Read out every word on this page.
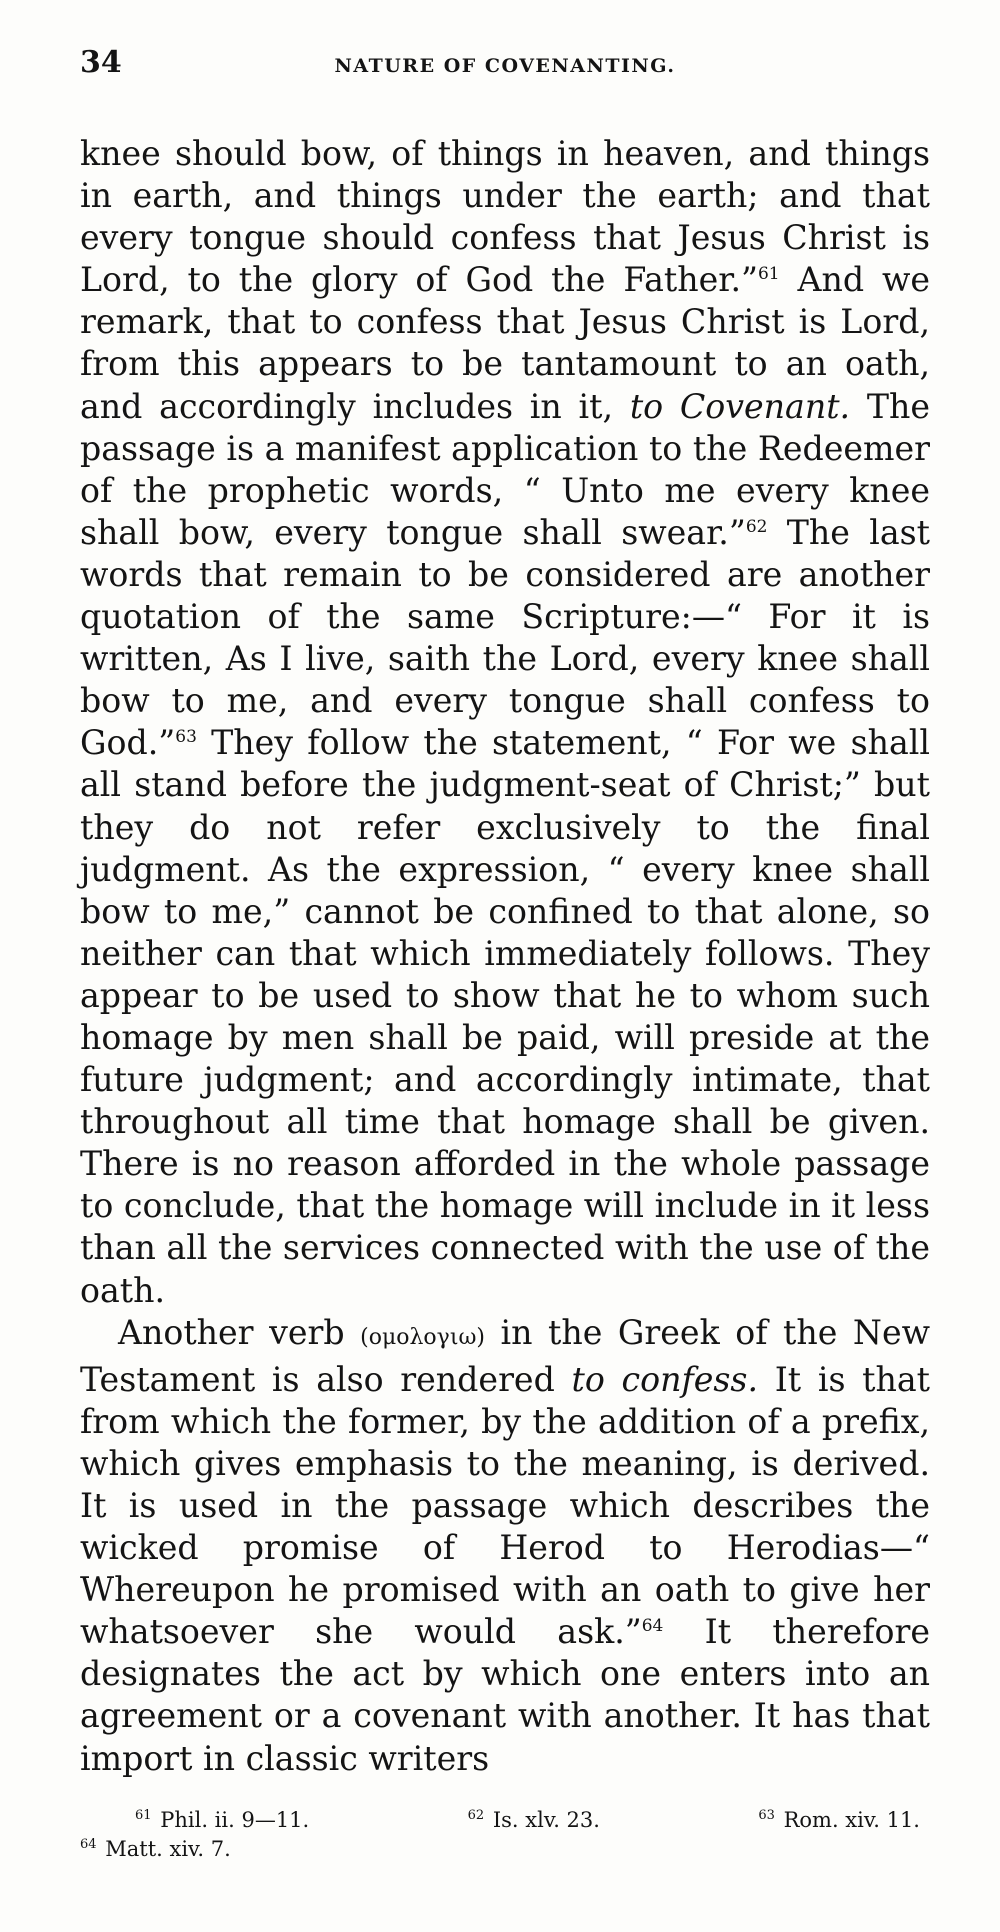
34	NATURE OF COVENANTING.

knee should bow, of things in heaven, and things in earth, and things under the earth; and that every tongue should confess that Jesus Christ is Lord, to the glory of God the Father.”$^{61}$ And we remark, that to confess that Jesus Christ is Lord, from this appears to be tantamount to an oath, and accordingly includes in it, to Covenant. The passage is a manifest application to the Redeemer of the prophetic words, “ Unto me every knee shall bow, every tongue shall swear.”$^{62}$ The last words that remain to be considered are another quotation of the same Scripture:—“ For it is written, As I live, saith the Lord, every knee shall bow to me, and every tongue shall confess to God.”$^{63}$ They follow the statement, “ For we shall all stand before the judgment-seat of Christ;” but they do not refer exclusively to the final judgment. As the expression, “ every knee shall bow to me,” cannot be confined to that alone, so neither can that which immediately follows. They appear to be used to show that he to whom such homage by men shall be paid, will preside at the future judgment; and accordingly intimate, that throughout all time that homage shall be given. There is no reason afforded in the whole passage to conclude, that the homage will include in it less than all the services connected with the use of the oath.

Another verb (ομολογιω) in the Greek of the New Testament is also rendered to confess. It is that from which the former, by the addition of a prefix, which gives emphasis to the meaning, is derived. It is used in the passage which describes the wicked promise of Herod to Herodias—“ Whereupon he promised with an oath to give her whatsoever she would ask.”$^{64}$ It therefore designates the act by which one enters into an agreement or a covenant with another. It has that import in classic writers

$^{61}$ Phil. ii. 9—11.	$^{62}$ Is. xlv. 23.	$^{63}$ Rom. xiv. 11.
$^{64}$ Matt. xiv. 7.
